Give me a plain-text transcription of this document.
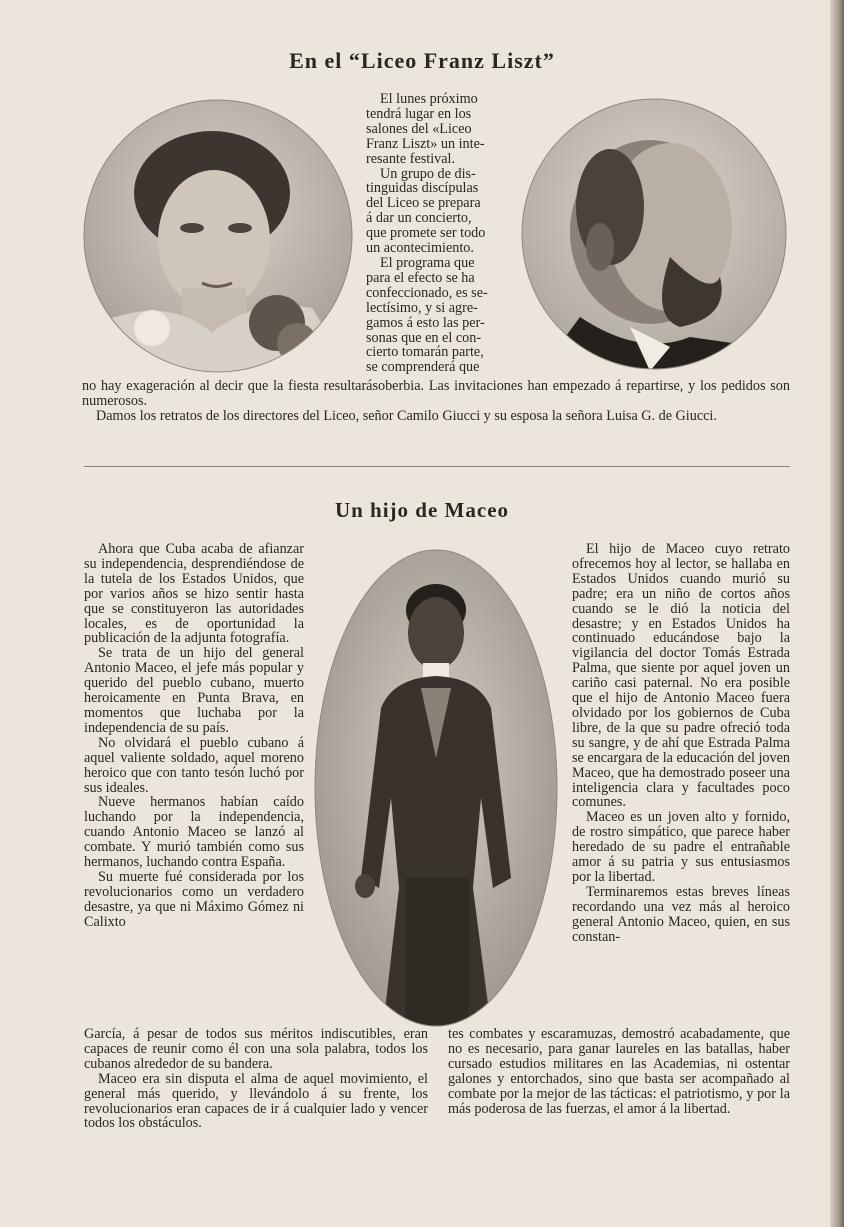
En el “Liceo Franz Liszt”
El lunes próximo
tendrá lugar en los
salones del «Liceo
Franz Liszt» un inte-
resante festival.
Un grupo de dis-
tinguidas discípulas
del Liceo se prepara
á dar un concierto,
que promete ser todo
un acontecimiento.
El programa que
para el efecto se ha
confeccionado, es se-
lectísimo, y si agre-
gamos á esto las per-
sonas que en el con-
cierto tomarán parte,
se comprenderá que

no hay exageración al decir que la fiesta resultarásoberbia. Las invitaciones han empezado á repartirse, y los pedidos son numerosos.

Damos los retratos de los directores del Liceo, señor Camilo Giucci y su esposa la señora Luisa G. de Giucci.

Un hijo de Maceo

Ahora que Cuba acaba de afianzar su independencia, desprendiéndose de la tutela de los Estados Unidos, que por varios años se hizo sentir hasta que se constituyeron las autoridades locales, es de oportunidad la publicación de la adjunta fotografía.

Se trata de un hijo del general Antonio Maceo, el jefe más popular y querido del pueblo cubano, muerto heroicamente en Punta Brava, en momentos que luchaba por la independencia de su país.

No olvidará el pueblo cubano á aquel valiente soldado, aquel moreno heroico que con tanto tesón luchó por sus ideales.

Nueve hermanos habían caído luchando por la independencia, cuando Antonio Maceo se lanzó al combate. Y murió también como sus hermanos, luchando contra España.

Su muerte fué considerada por los revolucionarios como un verdadero desastre, ya que ni Máximo Gómez ni Calixto

El hijo de Maceo cuyo retrato ofrecemos hoy al lector, se hallaba en Estados Unidos cuando murió su padre; era un niño de cortos años cuando se le dió la noticia del desastre; y en Estados Unidos ha continuado educándose bajo la vigilancia del doctor Tomás Estrada Palma, que siente por aquel joven un cariño casi paternal. No era posible que el hijo de Antonio Maceo fuera olvidado por los gobiernos de Cuba libre, de la que su padre ofreció toda su sangre, y de ahí que Estrada Palma se encargara de la educación del joven Maceo, que ha demostrado poseer una inteligencia clara y facultades poco comunes.

Maceo es un joven alto y fornido, de rostro simpático, que parece haber heredado de su padre el entrañable amor á su patria y sus entusiasmos por la libertad.

Terminaremos estas breves líneas recordando una vez más al heroico general Antonio Maceo, quien, en sus constan-

García, á pesar de todos sus méritos indiscutibles, eran capaces de reunir como él con una sola palabra, todos los cubanos alrededor de su bandera.

Maceo era sin disputa el alma de aquel movimiento, el general más querido, y llevándolo á su frente, los revolucionarios eran capaces de ir á cualquier lado y vencer todos los obstáculos.

tes combates y escaramuzas, demostró acabadamente, que no es necesario, para ganar laureles en las batallas, haber cursado estudios militares en las Academias, ni ostentar galones y entorchados, sino que basta ser acompañado al combate por la mejor de las tácticas: el patriotismo, y por la más poderosa de las fuerzas, el amor á la libertad.
